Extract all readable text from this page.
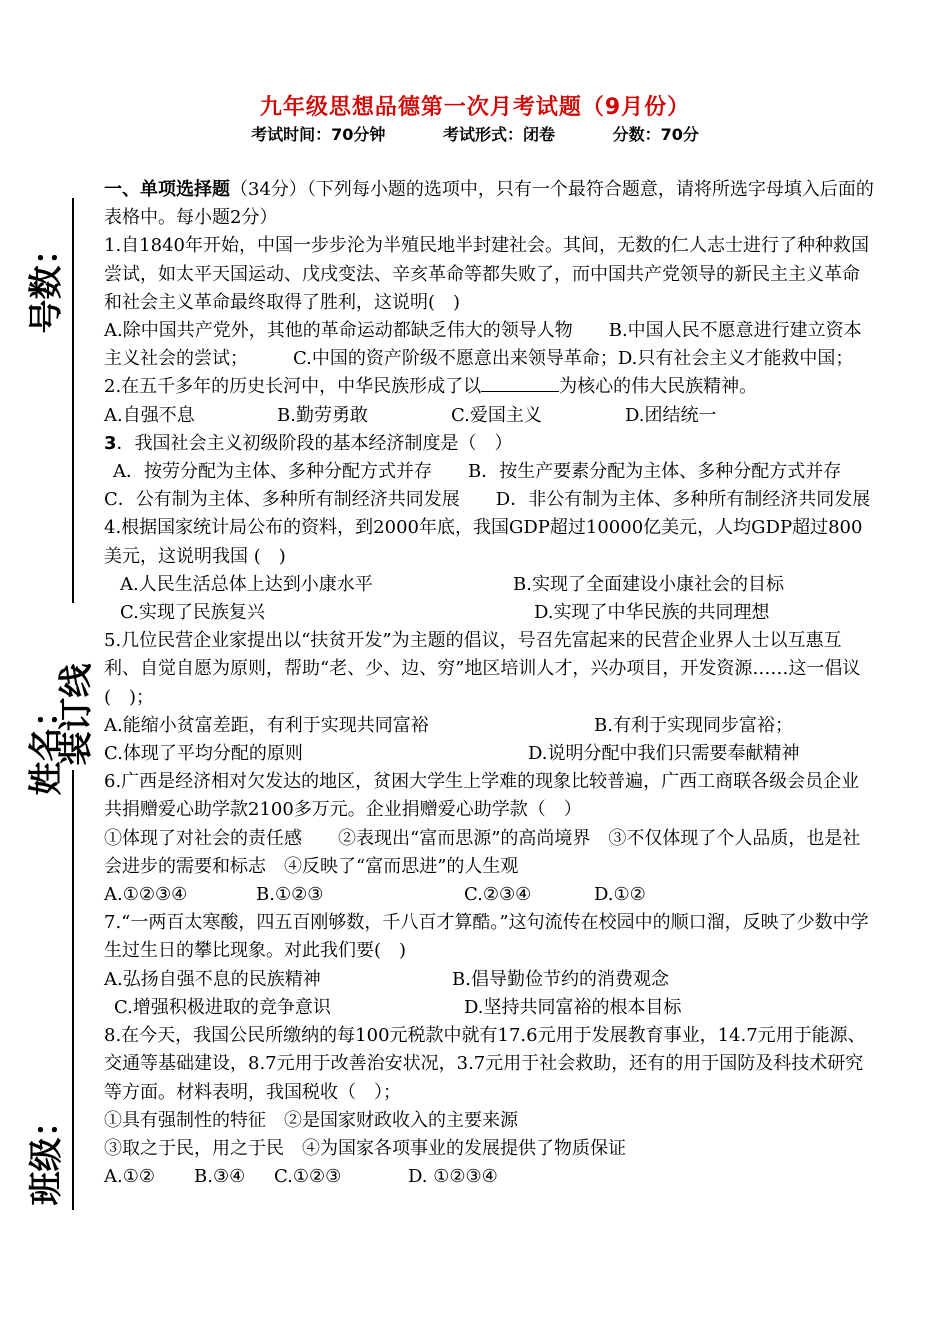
九年级思想品德第一次月考试题（9月份）
考试时间：70分钟	考试形式：闭卷	分数：70分
号数：
姓名：
班级：
装订线

一、单项选择题（34分）（下列每小题的选项中，只有一个最符合题意，请将所选字母填入后面的表格中。每小题2分）

1.自1840年开始，中国一步步沦为半殖民地半封建社会。其间，无数的仁人志士进行了种种救国尝试，如太平天国运动、戊戌变法、辛亥革命等都失败了，而中国共产党领导的新民主主义革命和社会主义革命最终取得了胜利，这说明(　)

A.除中国共产党外，其他的革命运动都缺乏伟大的领导人物　　 B.中国人民不愿意进行建立资本主义社会的尝试；　　　	C.中国的资产阶级不愿意出来领导革命；D.只有社会主义才能救中国；

2.在五千多年的历史长河中，中华民族形成了以	为核心的伟大民族精神。

A.自强不息	B.勤劳勇敢	C.爱国主义	D.团结统一

3．我国社会主义初级阶段的基本经济制度是（　）

A．按劳分配为主体、多种分配方式并存　　B．按生产要素分配为主体、多种分配方式并存　　C．公有制为主体、多种所有制经济共同发展　　D．非公有制为主体、多种所有制经济共同发展

4.根据国家统计局公布的资料，到2000年底，我国GDP超过10000亿美元，人均GDP超过800美元，这说明我国 (　)

A.人民生活总体上达到小康水平	B.实现了全面建设小康社会的目标
C.实现了民族复兴	D.实现了中华民族的共同理想

5.几位民营企业家提出以“扶贫开发”为主题的倡议，号召先富起来的民营企业界人士以互惠互利、自觉自愿为原则，帮助“老、少、边、穷”地区培训人才，兴办项目，开发资源……这一倡议(　)；

A.能缩小贫富差距，有利于实现共同富裕	B.有利于实现同步富裕；
C.体现了平均分配的原则	D.说明分配中我们只需要奉献精神

6.广西是经济相对欠发达的地区，贫困大学生上学难的现象比较普遍，广西工商联各级会员企业共捐赠爱心助学款2100多万元。企业捐赠爱心助学款（　）

①体现了对社会的责任感　　②表现出“富而思源”的高尚境界　③不仅体现了个人品质，也是社会进步的需要和标志　④反映了“富而思进”的人生观

A.①②③④	B.①②③	C.②③④	D.①②

7.“一两百太寒酸，四五百刚够数，千八百才算酷。”这句流传在校园中的顺口溜，反映了少数中学生过生日的攀比现象。对此我们要(　)

A.弘扬自强不息的民族精神	B.倡导勤俭节约的消费观念
C.增强积极进取的竞争意识	D.坚持共同富裕的根本目标

8.在今天，我国公民所缴纳的每100元税款中就有17.6元用于发展教育事业，14.7元用于能源、交通等基础建设，8.7元用于改善治安状况，3.7元用于社会救助，还有的用于国防及科技术研究等方面。材料表明，我国税收（　）；

①具有强制性的特征　②是国家财政收入的主要来源

③取之于民，用之于民　④为国家各项事业的发展提供了物质保证

A.①②	B.③④	C.①②③	D. ①②③④
